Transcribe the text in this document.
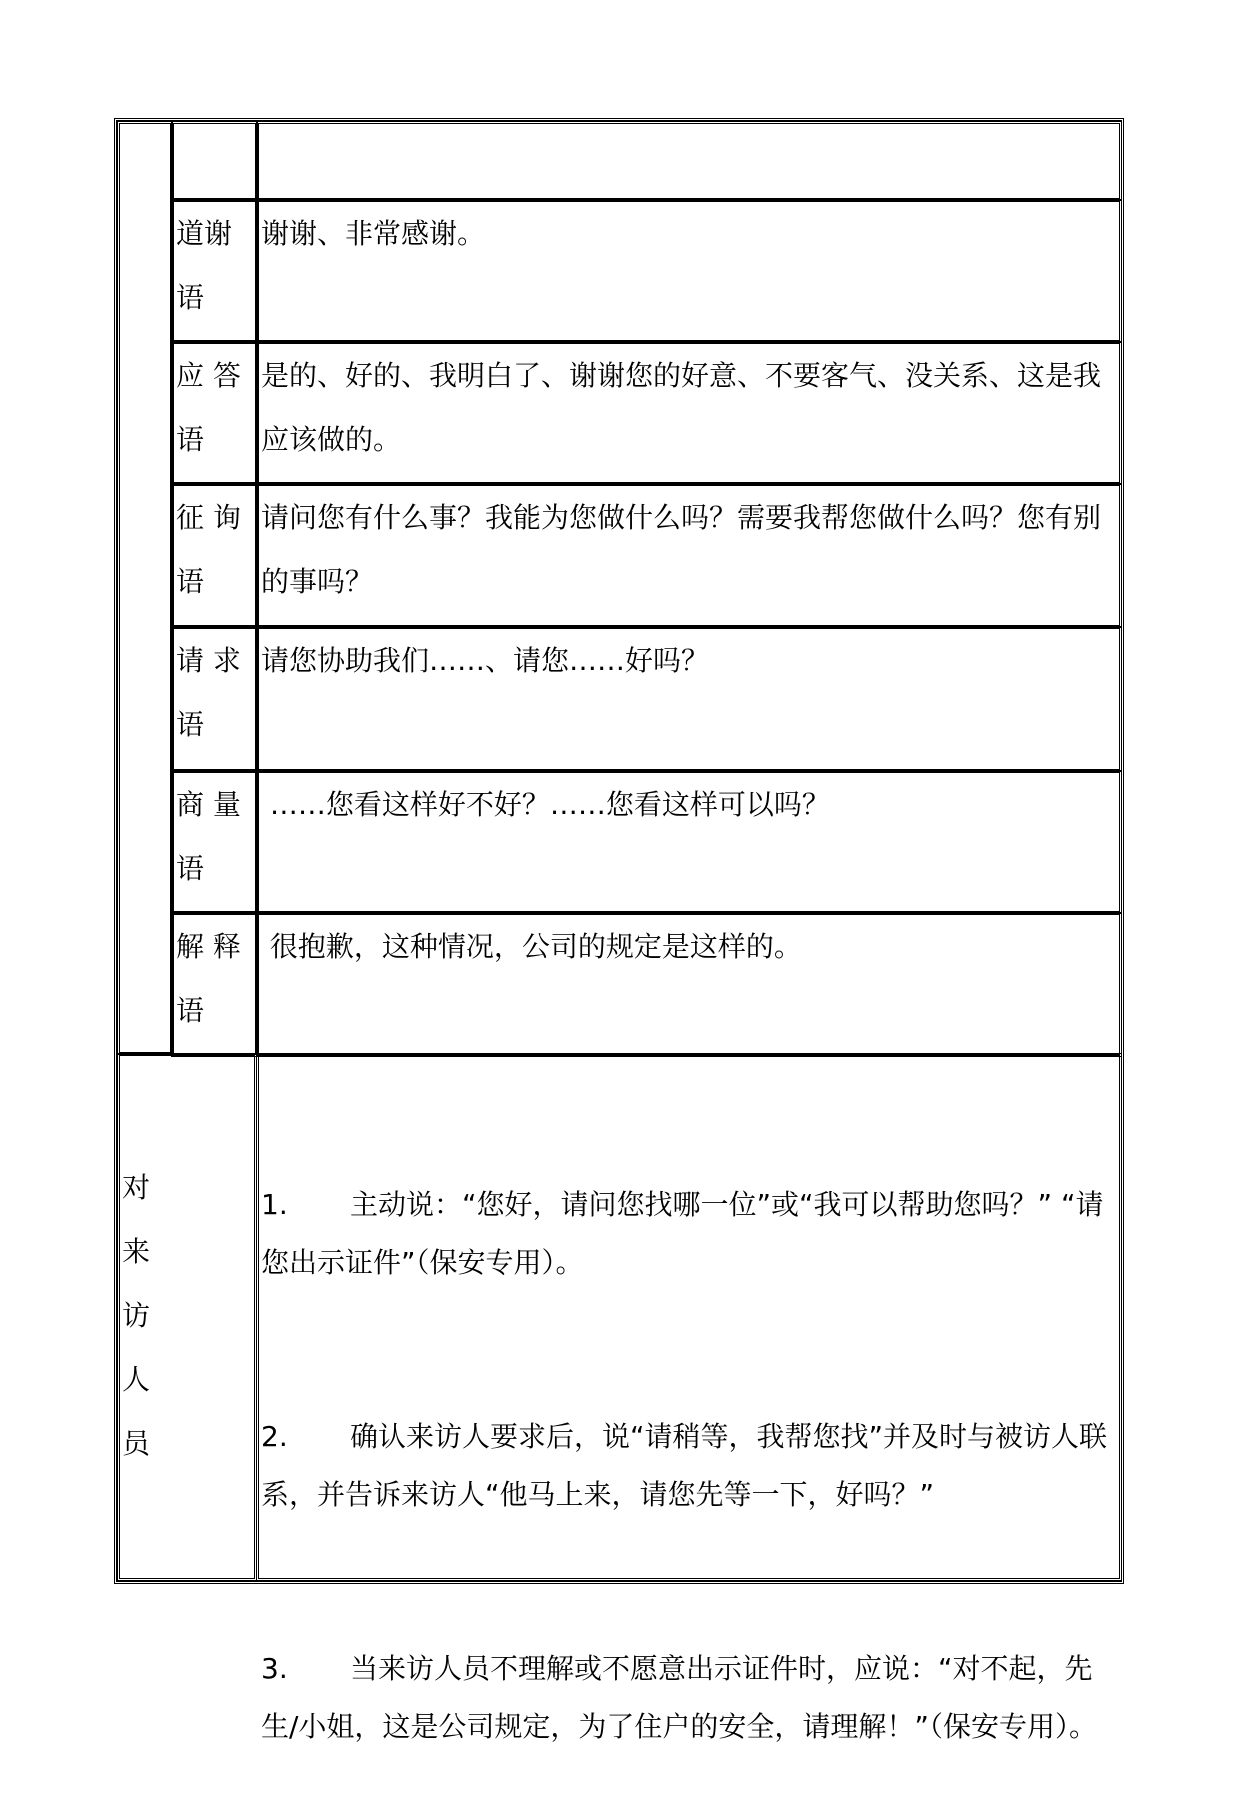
道谢
语
谢谢、非常感谢。
应 答
语
是的、好的、我明白了、谢谢您的好意、不要客气、没关系、这是我应该做的。
征 询
语
请问您有什么事？我能为您做什么吗？需要我帮您做什么吗？您有别的事吗？
请 求
语
请您协助我们……、请您……好吗？
商 量
语
……您看这样好不好？……您看这样可以吗？
解 释
语
很抱歉，这种情况，公司的规定是这样的。
对
来
访
人
员

1.       主动说：“您好，请问您找哪一位”或“我可以帮助您吗？” “请您出示证件”（保安专用）。

2.       确认来访人要求后，说“请稍等，我帮您找”并及时与被访人联系，并告诉来访人“他马上来，请您先等一下，好吗？”

3.       当来访人员不理解或不愿意出示证件时，应说：“对不起，先生/小姐，这是公司规定，为了住户的安全，请理解！”（保安专用）。
